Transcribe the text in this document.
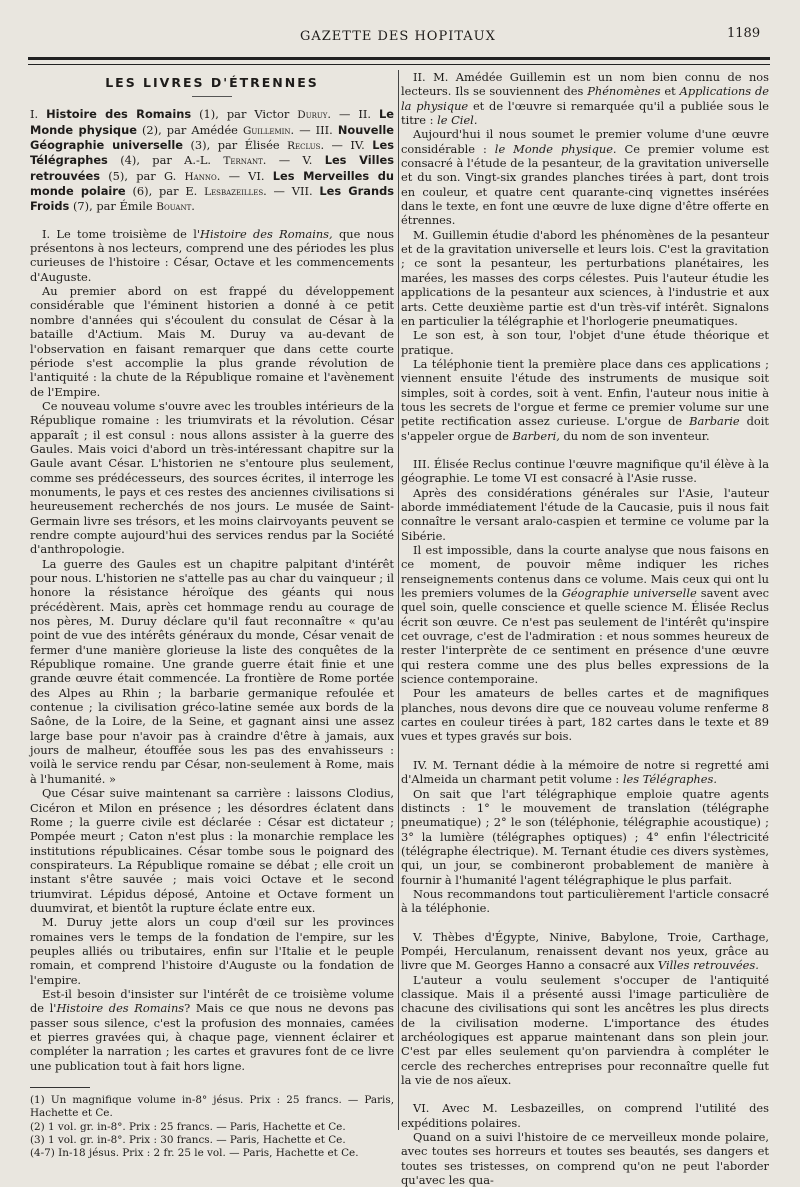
GAZETTE DES HOPITAUX	1189
LES LIVRES D'ÉTRENNES

I. Histoire des Romains (1), par Victor Duruy. — II. Le Monde physique (2), par Amédée Guillemin. — III. Nouvelle Géographie universelle (3), par Élisée Reclus. — IV. Les Télégraphes (4), par A.-L. Ternant. — V. Les Villes retrouvées (5), par G. Hanno. — VI. Les Merveilles du monde polaire (6), par E. Lesbazeilles. — VII. Les Grands Froids (7), par Émile Bouant.

I. Le tome troisième de l'Histoire des Romains, que nous présentons à nos lecteurs, comprend une des périodes les plus curieuses de l'histoire : César, Octave et les commencements d'Auguste.

Au premier abord on est frappé du développement considérable que l'éminent historien a donné à ce petit nombre d'années qui s'écoulent du consulat de César à la bataille d'Actium. Mais M. Duruy va au-devant de l'observation en faisant remarquer que dans cette courte période s'est accomplie la plus grande révolution de l'antiquité : la chute de la République romaine et l'avènement de l'Empire.

Ce nouveau volume s'ouvre avec les troubles intérieurs de la République romaine : les triumvirats et la révolution. César apparaît ; il est consul : nous allons assister à la guerre des Gaules. Mais voici d'abord un très-intéressant chapitre sur la Gaule avant César. L'historien ne s'entoure plus seulement, comme ses prédécesseurs, des sources écrites, il interroge les monuments, le pays et ces restes des anciennes civilisations si heureusement recherchés de nos jours. Le musée de Saint-Germain livre ses trésors, et les moins clairvoyants peuvent se rendre compte aujourd'hui des services rendus par la Société d'anthropologie.

La guerre des Gaules est un chapitre palpitant d'intérêt pour nous. L'historien ne s'attelle pas au char du vainqueur ; il honore la résistance héroïque des géants qui nous précédèrent. Mais, après cet hommage rendu au courage de nos pères, M. Duruy déclare qu'il faut reconnaître « qu'au point de vue des intérêts généraux du monde, César venait de fermer d'une manière glorieuse la liste des conquêtes de la République romaine. Une grande guerre était finie et une grande œuvre était commencée. La frontière de Rome portée des Alpes au Rhin ; la barbarie germanique refoulée et contenue ; la civilisation gréco-latine semée aux bords de la Saône, de la Loire, de la Seine, et gagnant ainsi une assez large base pour n'avoir pas à craindre d'être à jamais, aux jours de malheur, étouffée sous les pas des envahisseurs : voilà le service rendu par César, non-seulement à Rome, mais à l'humanité. »

Que César suive maintenant sa carrière : laissons Clodius, Cicéron et Milon en présence ; les désordres éclatent dans Rome ; la guerre civile est déclarée : César est dictateur ; Pompée meurt ; Caton n'est plus : la monarchie remplace les institutions républicaines. César tombe sous le poignard des conspirateurs. La République romaine se débat ; elle croit un instant s'être sauvée ; mais voici Octave et le second triumvirat. Lépidus déposé, Antoine et Octave forment un duumvirat, et bientôt la rupture éclate entre eux.

M. Duruy jette alors un coup d'œil sur les provinces romaines vers le temps de la fondation de l'empire, sur les peuples alliés ou tributaires, enfin sur l'Italie et le peuple romain, et comprend l'histoire d'Auguste ou la fondation de l'empire.

Est-il besoin d'insister sur l'intérêt de ce troisième volume de l'Histoire des Romains? Mais ce que nous ne devons pas passer sous silence, c'est la profusion des monnaies, camées et pierres gravées qui, à chaque page, viennent éclairer et compléter la narration ; les cartes et gravures font de ce livre une publication tout à fait hors ligne.

(1) Un magnifique volume in-8° jésus. Prix : 25 francs. — Paris, Hachette et Ce.
(2) 1 vol. gr. in-8°. Prix : 25 francs. — Paris, Hachette et Ce.
(3) 1 vol. gr. in-8°. Prix : 30 francs. — Paris, Hachette et Ce.
(4-7) In-18 jésus. Prix : 2 fr. 25 le vol. — Paris, Hachette et Ce.

II. M. Amédée Guillemin est un nom bien connu de nos lecteurs. Ils se souviennent des Phénomènes et Applications de la physique et de l'œuvre si remarquée qu'il a publiée sous le titre : le Ciel.

Aujourd'hui il nous soumet le premier volume d'une œuvre considérable : le Monde physique. Ce premier volume est consacré à l'étude de la pesanteur, de la gravitation universelle et du son. Vingt-six grandes planches tirées à part, dont trois en couleur, et quatre cent quarante-cinq vignettes insérées dans le texte, en font une œuvre de luxe digne d'être offerte en étrennes.

M. Guillemin étudie d'abord les phénomènes de la pesanteur et de la gravitation universelle et leurs lois. C'est la gravitation ; ce sont la pesanteur, les perturbations planétaires, les marées, les masses des corps célestes. Puis l'auteur étudie les applications de la pesanteur aux sciences, à l'industrie et aux arts. Cette deuxième partie est d'un très-vif intérêt. Signalons en particulier la télégraphie et l'horlogerie pneumatiques.

Le son est, à son tour, l'objet d'une étude théorique et pratique.

La téléphonie tient la première place dans ces applications ; viennent ensuite l'étude des instruments de musique soit simples, soit à cordes, soit à vent. Enfin, l'auteur nous initie à tous les secrets de l'orgue et ferme ce premier volume sur une petite rectification assez curieuse. L'orgue de Barbarie doit s'appeler orgue de Barberi, du nom de son inventeur.

III. Élisée Reclus continue l'œuvre magnifique qu'il élève à la géographie. Le tome VI est consacré à l'Asie russe.

Après des considérations générales sur l'Asie, l'auteur aborde immédiatement l'étude de la Caucasie, puis il nous fait connaître le versant aralo-caspien et termine ce volume par la Sibérie.

Il est impossible, dans la courte analyse que nous faisons en ce moment, de pouvoir même indiquer les riches renseignements contenus dans ce volume. Mais ceux qui ont lu les premiers volumes de la Géographie universelle savent avec quel soin, quelle conscience et quelle science M. Élisée Reclus écrit son œuvre. Ce n'est pas seulement de l'intérêt qu'inspire cet ouvrage, c'est de l'admiration : et nous sommes heureux de rester l'interprète de ce sentiment en présence d'une œuvre qui restera comme une des plus belles expressions de la science contemporaine.

Pour les amateurs de belles cartes et de magnifiques planches, nous devons dire que ce nouveau volume renferme 8 cartes en couleur tirées à part, 182 cartes dans le texte et 89 vues et types gravés sur bois.

IV. M. Ternant dédie à la mémoire de notre si regretté ami d'Almeida un charmant petit volume : les Télégraphes.

On sait que l'art télégraphique emploie quatre agents distincts : 1° le mouvement de translation (télégraphe pneumatique) ; 2° le son (téléphonie, télégraphie acoustique) ; 3° la lumière (télégraphes optiques) ; 4° enfin l'électricité (télégraphe électrique). M. Ternant étudie ces divers systèmes, qui, un jour, se combineront probablement de manière à fournir à l'humanité l'agent télégraphique le plus parfait.

Nous recommandons tout particulièrement l'article consacré à la téléphonie.

V. Thèbes d'Égypte, Ninive, Babylone, Troie, Carthage, Pompéi, Herculanum, renaissent devant nos yeux, grâce au livre que M. Georges Hanno a consacré aux Villes retrouvées.

L'auteur a voulu seulement s'occuper de l'antiquité classique. Mais il a présenté aussi l'image particulière de chacune des civilisations qui sont les ancêtres les plus directs de la civilisation moderne. L'importance des études archéologiques est apparue maintenant dans son plein jour. C'est par elles seulement qu'on parviendra à compléter le cercle des recherches entreprises pour reconnaître quelle fut la vie de nos aïeux.

VI. Avec M. Lesbazeilles, on comprend l'utilité des expéditions polaires.

Quand on a suivi l'histoire de ce merveilleux monde polaire, avec toutes ses horreurs et toutes ses beautés, ses dangers et toutes ses tristesses, on comprend qu'on ne peut l'aborder qu'avec les qua-
